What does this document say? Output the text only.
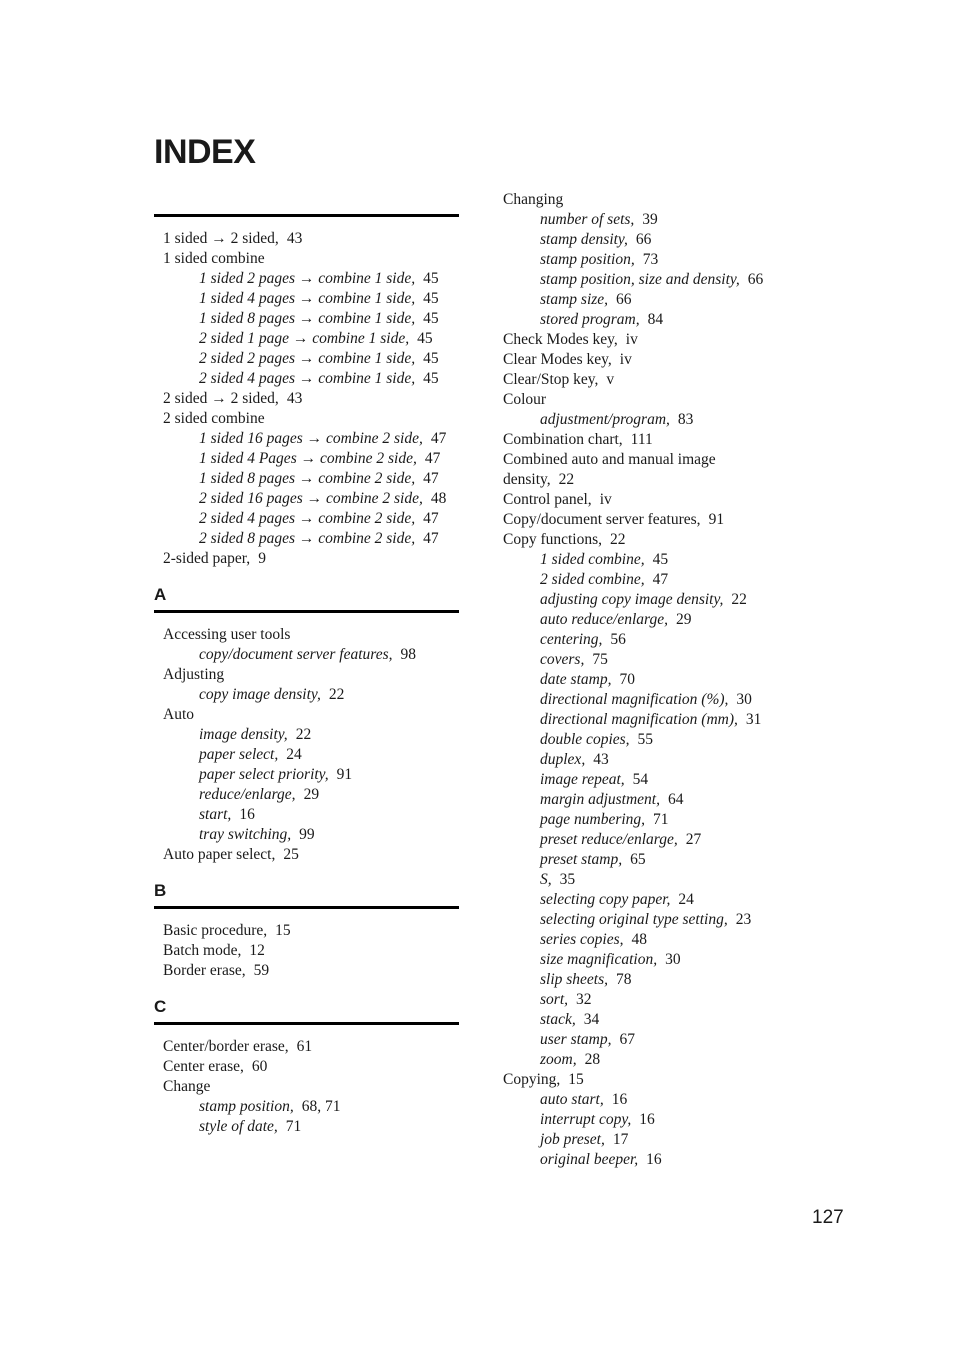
INDEX
1 sided → 2 sided, 43
1 sided combine
1 sided 2 pages → combine 1 side, 45
1 sided 4 pages → combine 1 side, 45
1 sided 8 pages → combine 1 side, 45
2 sided 1 page → combine 1 side, 45
2 sided 2 pages → combine 1 side, 45
2 sided 4 pages → combine 1 side, 45
2 sided → 2 sided, 43
2 sided combine
1 sided 16 pages → combine 2 side, 47
1 sided 4 Pages → combine 2 side, 47
1 sided 8 pages → combine 2 side, 47
2 sided 16 pages → combine 2 side, 48
2 sided 4 pages → combine 2 side, 47
2 sided 8 pages → combine 2 side, 47
2-sided paper, 9
A
Accessing user tools
copy/document server features, 98
Adjusting
copy image density, 22
Auto
image density, 22
paper select, 24
paper select priority, 91
reduce/enlarge, 29
start, 16
tray switching, 99
Auto paper select, 25
B
Basic procedure, 15
Batch mode, 12
Border erase, 59
C
Center/border erase, 61
Center erase, 60
Change
stamp position, 68, 71
style of date, 71
Changing
number of sets, 39
stamp density, 66
stamp position, 73
stamp position, size and density, 66
stamp size, 66
stored program, 84
Check Modes key, iv
Clear Modes key, iv
Clear/Stop key, v
Colour
adjustment/program, 83
Combination chart, 111
Combined auto and manual image
density, 22
Control panel, iv
Copy/document server features, 91
Copy functions, 22
1 sided combine, 45
2 sided combine, 47
adjusting copy image density, 22
auto reduce/enlarge, 29
centering, 56
covers, 75
date stamp, 70
directional magnification (%), 30
directional magnification (mm), 31
double copies, 55
duplex, 43
image repeat, 54
margin adjustment, 64
page numbering, 71
preset reduce/enlarge, 27
preset stamp, 65
S, 35
selecting copy paper, 24
selecting original type setting, 23
series copies, 48
size magnification, 30
slip sheets, 78
sort, 32
stack, 34
user stamp, 67
zoom, 28
Copying, 15
auto start, 16
interrupt copy, 16
job preset, 17
original beeper, 16
127
